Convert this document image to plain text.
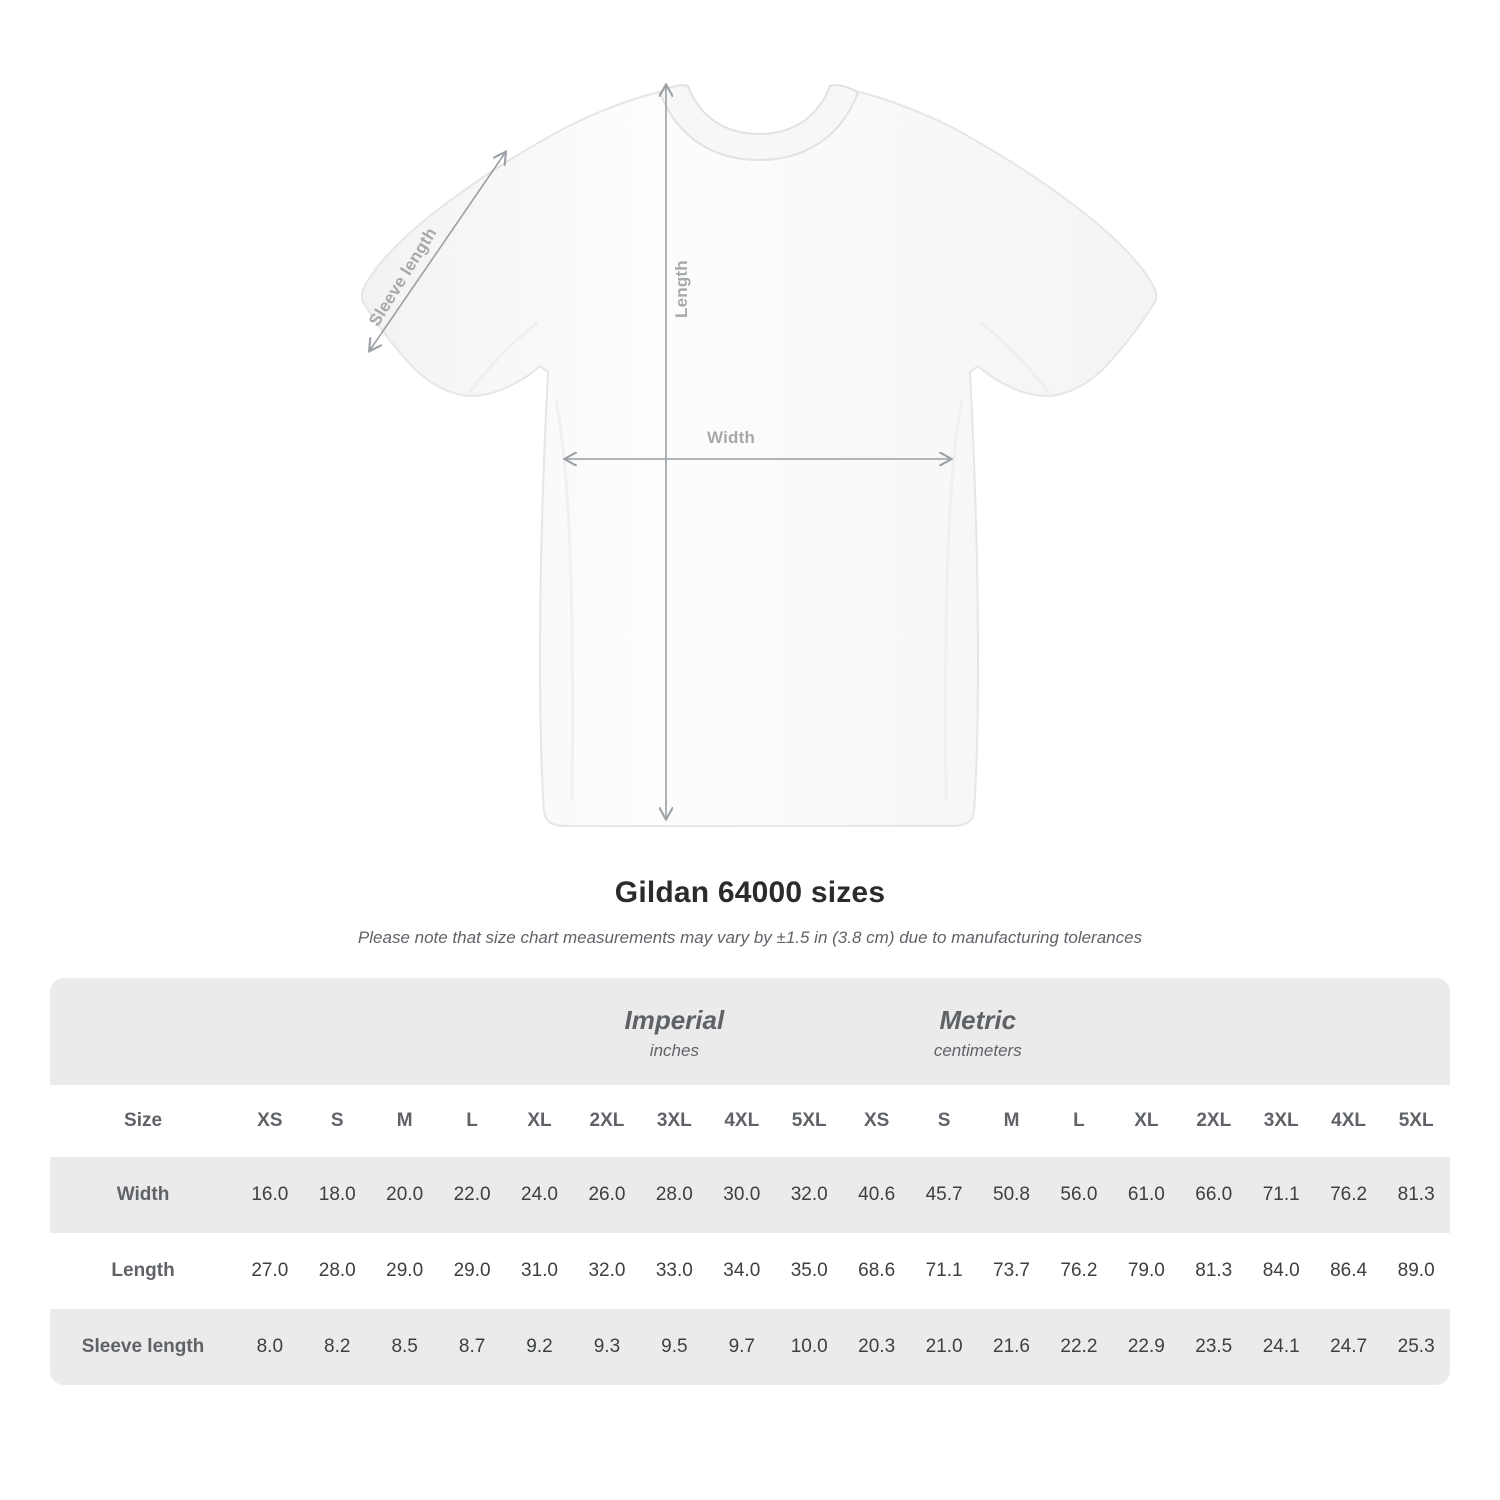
Length
Width
Sleeve length
Gildan 64000 sizes

Please note that size chart measurements may vary by ±1.5 in (3.8 cm) due to manufacturing tolerances

Imperial
inches

Metric
centimeters

Size	XS	S	M	L	XL	2XL	3XL	4XL	5XL	XS	S	M	L	XL	2XL	3XL	4XL	5XL
Width	16.0	18.0	20.0	22.0	24.0	26.0	28.0	30.0	32.0	40.6	45.7	50.8	56.0	61.0	66.0	71.1	76.2	81.3
Length	27.0	28.0	29.0	29.0	31.0	32.0	33.0	34.0	35.0	68.6	71.1	73.7	76.2	79.0	81.3	84.0	86.4	89.0
Sleeve length	8.0	8.2	8.5	8.7	9.2	9.3	9.5	9.7	10.0	20.3	21.0	21.6	22.2	22.9	23.5	24.1	24.7	25.3
